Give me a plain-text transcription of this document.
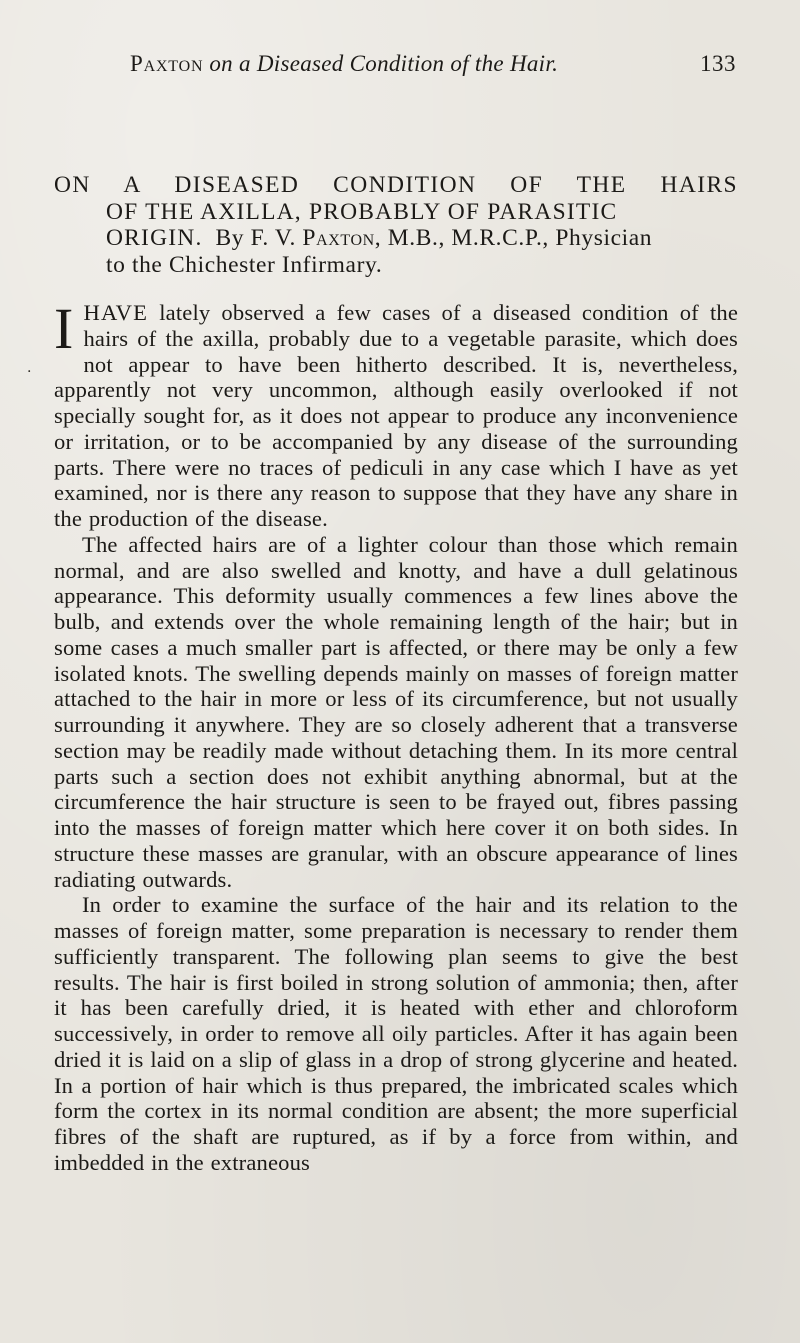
Paxton on a Diseased Condition of the Hair.	133
ON A DISEASED CONDITION OF THE HAIRS
OF THE AXILLA, PROBABLY OF PARASITIC
ORIGIN. By F. V. Paxton, M.B., M.R.C.P., Physician
to the Chichester Infirmary.
.

IHAVE lately observed a few cases of a diseased condition of the hairs of the axilla, probably due to a vegetable parasite, which does not appear to have been hitherto described. It is, nevertheless, apparently not very uncommon, although easily overlooked if not specially sought for, as it does not appear to produce any inconvenience or irritation, or to be accompanied by any disease of the surrounding parts. There were no traces of pediculi in any case which I have as yet examined, nor is there any reason to suppose that they have any share in the production of the disease.

The affected hairs are of a lighter colour than those which remain normal, and are also swelled and knotty, and have a dull gelatinous appearance. This deformity usually commences a few lines above the bulb, and extends over the whole remaining length of the hair; but in some cases a much smaller part is affected, or there may be only a few isolated knots. The swelling depends mainly on masses of foreign matter attached to the hair in more or less of its circumference, but not usually surrounding it anywhere. They are so closely adherent that a transverse section may be readily made without detaching them. In its more central parts such a section does not exhibit anything abnormal, but at the circumference the hair structure is seen to be frayed out, fibres passing into the masses of foreign matter which here cover it on both sides. In structure these masses are granular, with an obscure appearance of lines radiating outwards.

In order to examine the surface of the hair and its relation to the masses of foreign matter, some preparation is necessary to render them sufficiently transparent. The following plan seems to give the best results. The hair is first boiled in strong solution of ammonia; then, after it has been carefully dried, it is heated with ether and chloroform successively, in order to remove all oily particles. After it has again been dried it is laid on a slip of glass in a drop of strong glycerine and heated. In a portion of hair which is thus prepared, the imbricated scales which form the cortex in its normal condition are absent; the more superficial fibres of the shaft are ruptured, as if by a force from within, and imbedded in the extraneous
